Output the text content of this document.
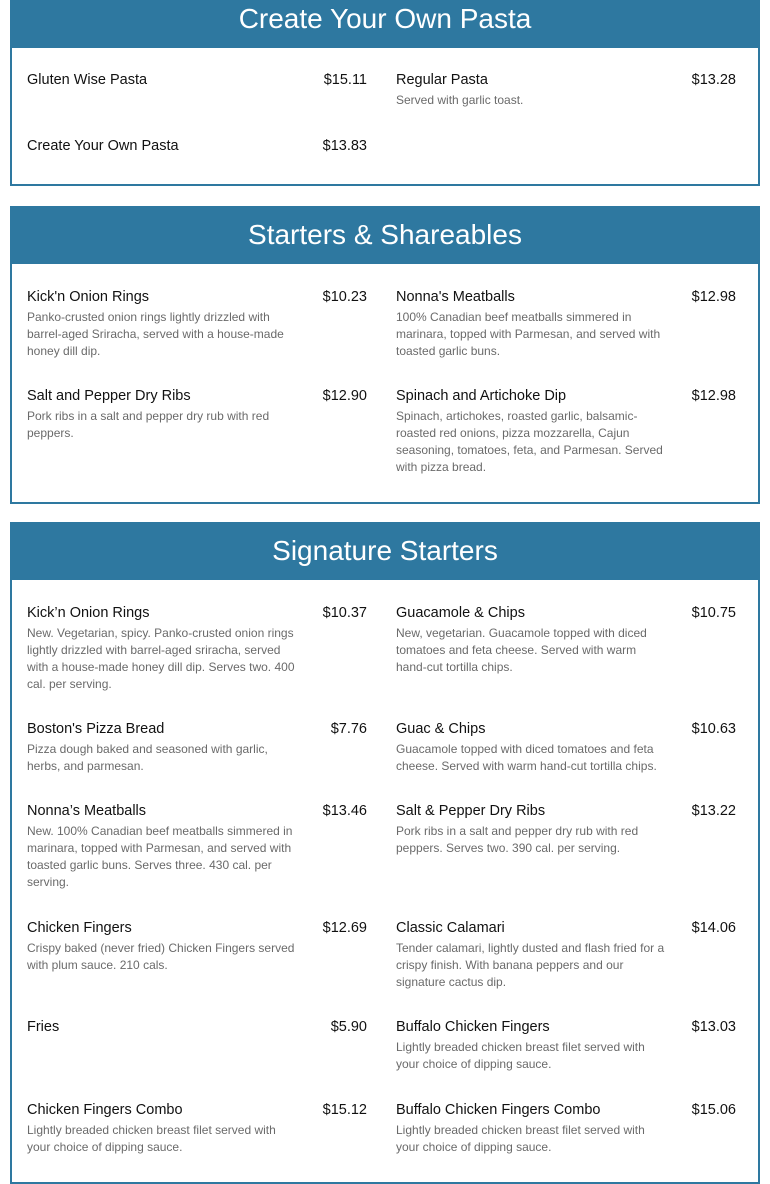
Create Your Own Pasta
Gluten Wise Pasta	$15.11 Regular Pasta	$13.28
Served with garlic toast.
Create Your Own Pasta	$13.83
Starters & Shareables
Kick'n Onion Rings	$10.23
Panko-crusted onion rings lightly drizzled with barrel-aged Sriracha, served with a house-made honey dill dip.
Nonna's Meatballs	$12.98
100% Canadian beef meatballs simmered in marinara, topped with Parmesan, and served with toasted garlic buns.
Salt and Pepper Dry Ribs	$12.90
Pork ribs in a salt and pepper dry rub with red peppers.
Spinach and Artichoke Dip	$12.98
Spinach, artichokes, roasted garlic, balsamic-roasted red onions, pizza mozzarella, Cajun seasoning, tomatoes, feta, and Parmesan. Served with pizza bread.
Signature Starters
Kick’n Onion Rings	$10.37
New. Vegetarian, spicy. Panko-crusted onion rings lightly drizzled with barrel-aged sriracha, served with a house-made honey dill dip. Serves two. 400 cal. per serving.
Guacamole & Chips	$10.75
New, vegetarian. Guacamole topped with diced tomatoes and feta cheese. Served with warm hand-cut tortilla chips.
Boston's Pizza Bread	$7.76
Pizza dough baked and seasoned with garlic, herbs, and parmesan.
Guac & Chips	$10.63
Guacamole topped with diced tomatoes and feta cheese. Served with warm hand-cut tortilla chips.
Nonna’s Meatballs	$13.46
New. 100% Canadian beef meatballs simmered in marinara, topped with Parmesan, and served with toasted garlic buns. Serves three. 430 cal. per serving.
Salt & Pepper Dry Ribs	$13.22
Pork ribs in a salt and pepper dry rub with red peppers. Serves two. 390 cal. per serving.
Chicken Fingers	$12.69
Crispy baked (never fried) Chicken Fingers served with plum sauce. 210 cals.
Classic Calamari	$14.06
Tender calamari, lightly dusted and flash fried for a crispy finish. With banana peppers and our signature cactus dip.
Fries	$5.90 Buffalo Chicken Fingers	$13.03
Lightly breaded chicken breast filet served with your choice of dipping sauce.
Chicken Fingers Combo	$15.12
Lightly breaded chicken breast filet served with your choice of dipping sauce.
Buffalo Chicken Fingers Combo	$15.06
Lightly breaded chicken breast filet served with your choice of dipping sauce.
